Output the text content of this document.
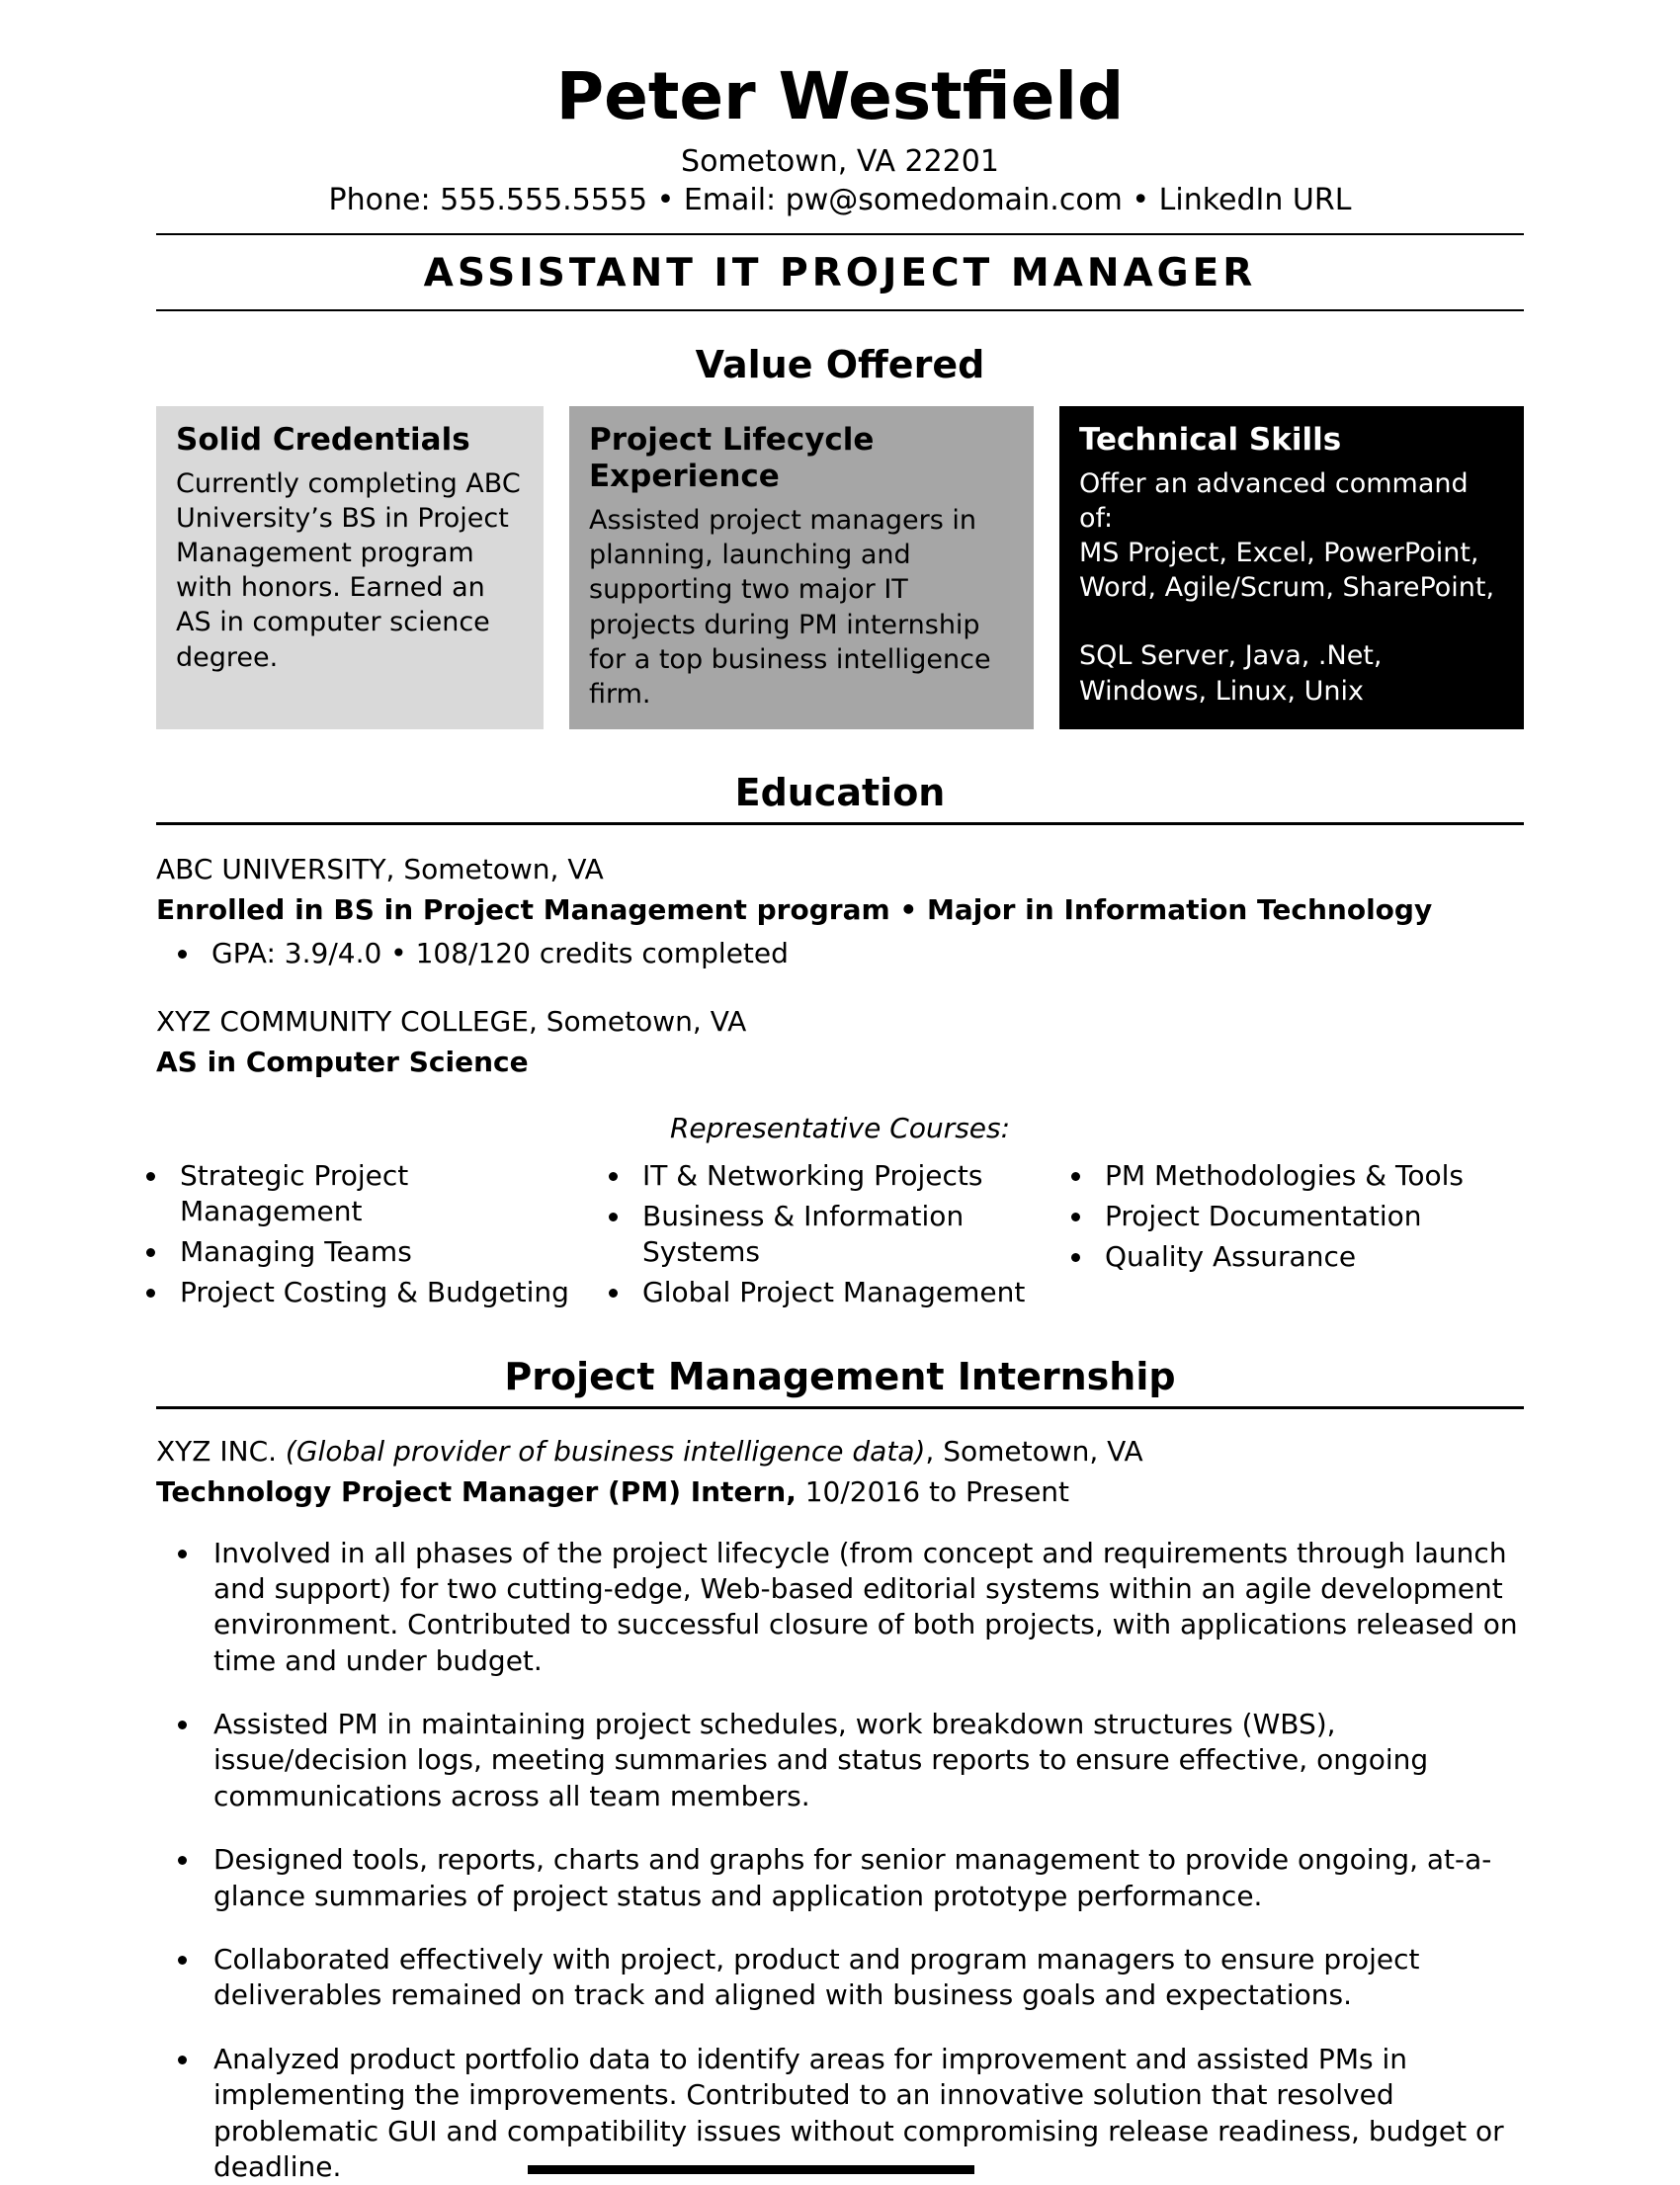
Peter Westfield
Sometown, VA 22201
Phone: 555.555.5555 • Email: pw@somedomain.com • LinkedIn URL
ASSISTANT IT PROJECT MANAGER
Value Offered
Solid Credentials

Currently completing ABC University’s BS in Project Management program with honors. Earned an AS in computer science degree.

Project Lifecycle Experience

Assisted project managers in planning, launching and supporting two major IT projects during PM internship for a top business intelligence firm.

Technical Skills

Offer an advanced command of:

MS Project, Excel, PowerPoint, Word, Agile/Scrum, SharePoint,

SQL Server, Java, .Net, Windows, Linux, Unix

Education
ABC UNIVERSITY, Sometown, VA
Enrolled in BS in Project Management program • Major in Information Technology
• GPA: 3.9/4.0 • 108/120 credits completed
XYZ COMMUNITY COLLEGE, Sometown, VA
AS in Computer Science
Representative Courses:
• Strategic Project Management
• Managing Teams
• Project Costing & Budgeting
• IT & Networking Projects
• Business & Information Systems
• Global Project Management
• PM Methodologies & Tools
• Project Documentation
• Quality Assurance
Project Management Internship
XYZ INC. (Global provider of business intelligence data), Sometown, VA
Technology Project Manager (PM) Intern, 10/2016 to Present
• Involved in all phases of the project lifecycle (from concept and requirements through launch and support) for two cutting-edge, Web-based editorial systems within an agile development environment. Contributed to successful closure of both projects, with applications released on time and under budget.
• Assisted PM in maintaining project schedules, work breakdown structures (WBS), issue/decision logs, meeting summaries and status reports to ensure effective, ongoing communications across all team members.
• Designed tools, reports, charts and graphs for senior management to provide ongoing, at-a-glance summaries of project status and application prototype performance.
• Collaborated effectively with project, product and program managers to ensure project deliverables remained on track and aligned with business goals and expectations.
• Analyzed product portfolio data to identify areas for improvement and assisted PMs in implementing the improvements. Contributed to an innovative solution that resolved problematic GUI and compatibility issues without compromising release readiness, budget or deadline.
